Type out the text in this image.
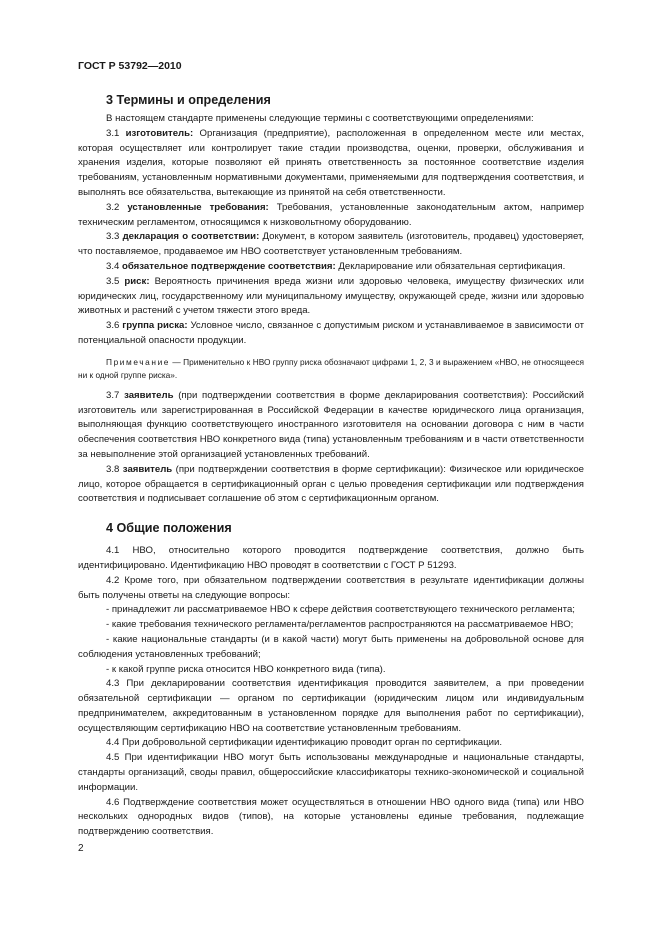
ГОСТ Р 53792—2010
3 Термины и определения

В настоящем стандарте применены следующие термины с соответствующими определениями:

3.1 изготовитель: Организация (предприятие), расположенная в определенном месте или местах, которая осуществляет или контролирует такие стадии производства, оценки, проверки, обслуживания и хранения изделия, которые позволяют ей принять ответственность за постоянное соответствие изделия требованиям, установленным нормативными документами, применяемыми для подтверждения соответствия, и выполнять все обязательства, вытекающие из принятой на себя ответственности.

3.2 установленные требования: Требования, установленные законодательным актом, например техническим регламентом, относящимся к низковольтному оборудованию.

3.3 декларация о соответствии: Документ, в котором заявитель (изготовитель, продавец) удостоверяет, что поставляемое, продаваемое им НВО соответствует установленным требованиям.

3.4 обязательное подтверждение соответствия: Декларирование или обязательная сертификация.

3.5 риск: Вероятность причинения вреда жизни или здоровью человека, имуществу физических или юридических лиц, государственному или муниципальному имуществу, окружающей среде, жизни или здоровью животных и растений с учетом тяжести этого вреда.

3.6 группа риска: Условное число, связанное с допустимым риском и устанавливаемое в зависимости от потенциальной опасности продукции.

Примечание — Применительно к НВО группу риска обозначают цифрами 1, 2, 3 и выражением «НВО, не относящееся ни к одной группе риска».

3.7 заявитель (при подтверждении соответствия в форме декларирования соответствия): Российский изготовитель или зарегистрированная в Российской Федерации в качестве юридического лица организация, выполняющая функцию соответствующего иностранного изготовителя на основании договора с ним в части обеспечения соответствия НВО конкретного вида (типа) установленным требованиям и в части ответственности за невыполнение этой организацией установленных требований.

3.8 заявитель (при подтверждении соответствия в форме сертификации): Физическое или юридическое лицо, которое обращается в сертификационный орган с целью проведения сертификации или подтверждения соответствия и подписывает соглашение об этом с сертификационным органом.

4 Общие положения

4.1 НВО, относительно которого проводится подтверждение соответствия, должно быть идентифицировано. Идентификацию НВО проводят в соответствии с ГОСТ Р 51293.

4.2 Кроме того, при обязательном подтверждении соответствия в результате идентификации должны быть получены ответы на следующие вопросы:

- принадлежит ли рассматриваемое НВО к сфере действия соответствующего технического регламента;

- какие требования технического регламента/регламентов распространяются на рассматриваемое НВО;

- какие национальные стандарты (и в какой части) могут быть применены на добровольной основе для соблюдения установленных требований;

- к какой группе риска относится НВО конкретного вида (типа).

4.3 При декларировании соответствия идентификация проводится заявителем, а при проведении обязательной сертификации — органом по сертификации (юридическим лицом или индивидуальным предпринимателем, аккредитованным в установленном порядке для выполнения работ по сертификации), осуществляющим сертификацию НВО на соответствие установленным требованиям.

4.4 При добровольной сертификации идентификацию проводит орган по сертификации.

4.5 При идентификации НВО могут быть использованы международные и национальные стандарты, стандарты организаций, своды правил, общероссийские классификаторы технико-экономической и социальной информации.

4.6 Подтверждение соответствия может осуществляться в отношении НВО одного вида (типа) или НВО нескольких однородных видов (типов), на которые установлены единые требования, подлежащие подтверждению соответствия.

2
